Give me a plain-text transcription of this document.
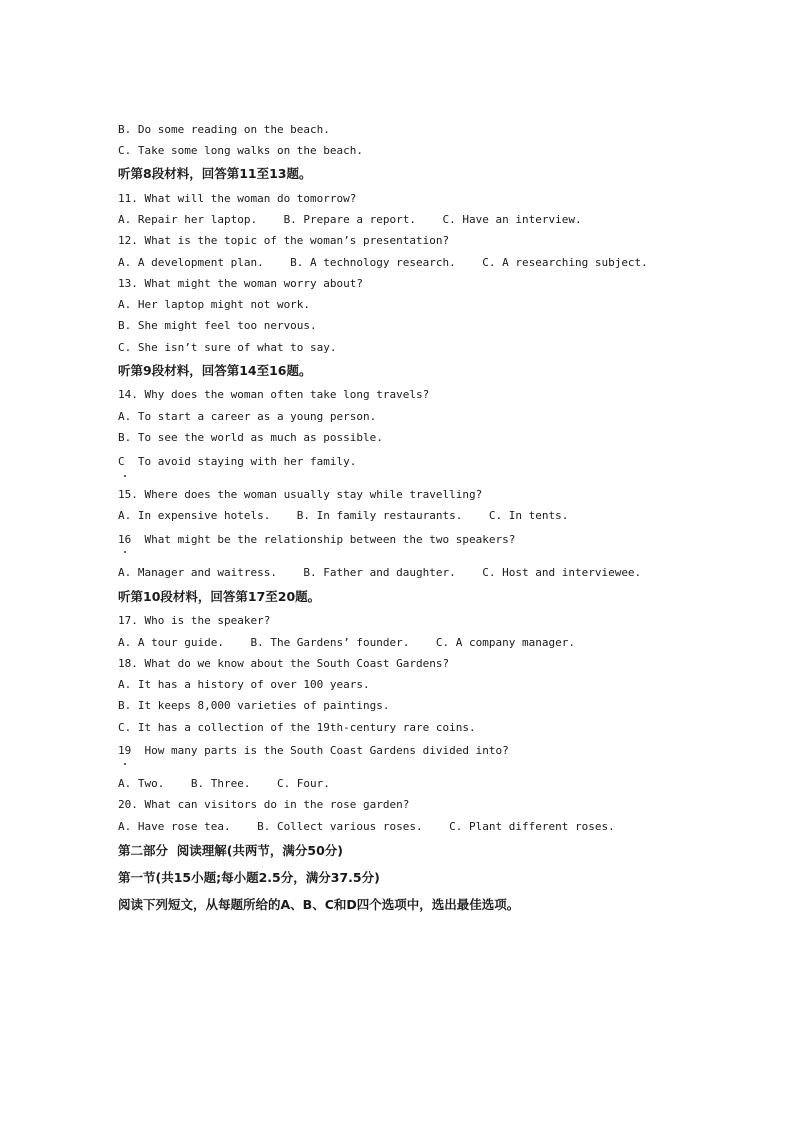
B. Do some reading on the beach.
C. Take some long walks on the beach.
听第8段材料，回答第11至13题。
11. What will the woman do tomorrow?
A. Repair her laptop.    B. Prepare a report.    C. Have an interview.
12. What is the topic of the woman’s presentation?
A. A development plan.    B. A technology research.    C. A researching subject.
13. What might the woman worry about?
A. Her laptop might not work.
B. She might feel too nervous.
C. She isn’t sure of what to say.
听第9段材料，回答第14至16题。
14. Why does the woman often take long travels?
A. To start a career as a young person.
B. To see the world as much as possible.
C  To avoid staying with her family.
15. Where does the woman usually stay while travelling?
A. In expensive hotels.    B. In family restaurants.    C. In tents.
16  What might be the relationship between the two speakers?
A. Manager and waitress.    B. Father and daughter.    C. Host and interviewee.
听第10段材料，回答第17至20题。
17. Who is the speaker?
A. A tour guide.    B. The Gardens’ founder.    C. A company manager.
18. What do we know about the South Coast Gardens?
A. It has a history of over 100 years.
B. It keeps 8,000 varieties of paintings.
C. It has a collection of the 19th-century rare coins.
19  How many parts is the South Coast Gardens divided into?
A. Two.    B. Three.    C. Four.
20. What can visitors do in the rose garden?
A. Have rose tea.    B. Collect various roses.    C. Plant different roses.
第二部分  阅读理解(共两节，满分50分)
第一节(共15小题;每小题2.5分，满分37.5分)
阅读下列短文，从每题所给的A、B、C和D四个选项中，选出最佳选项。
